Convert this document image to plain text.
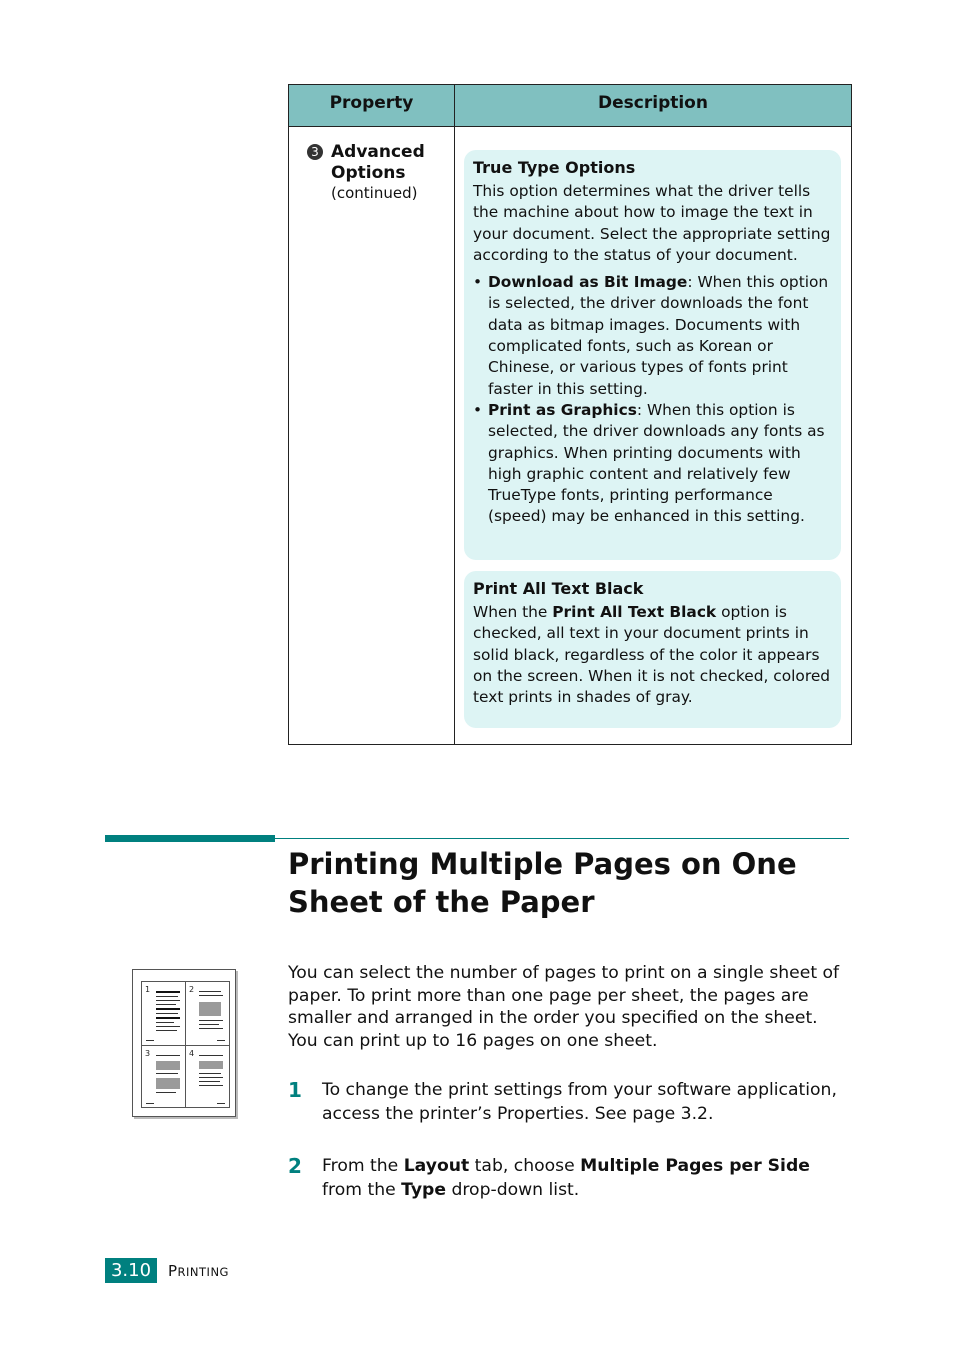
Property	Description
3 Advanced Options
(continued)
True Type Options

This option determines what the driver tells the machine about how to image the text in your document. Select the appropriate setting according to the status of your document.

• Download as Bit Image: When this option is selected, the driver downloads the font data as bitmap images. Documents with complicated fonts, such as Korean or Chinese, or various types of fonts print faster in this setting.

• Print as Graphics: When this option is selected, the driver downloads any fonts as graphics. When printing documents with high graphic content and relatively few TrueType fonts, printing performance (speed) may be enhanced in this setting.

Print All Text Black

When the Print All Text Black option is checked, all text in your document prints in solid black, regardless of the color it appears on the screen. When it is not checked, colored text prints in shades of gray.

Printing Multiple Pages on One Sheet of the Paper
1	2
3	4
You can select the number of pages to print on a single sheet of paper. To print more than one page per sheet, the pages are smaller and arranged in the order you specified on the sheet. You can print up to 16 pages on one sheet.
1 To change the print settings from your software application, access the printer’s Properties. See page 3.2.
2 From the Layout tab, choose Multiple Pages per Side from the Type drop-down list.
3.10	PRINTING
